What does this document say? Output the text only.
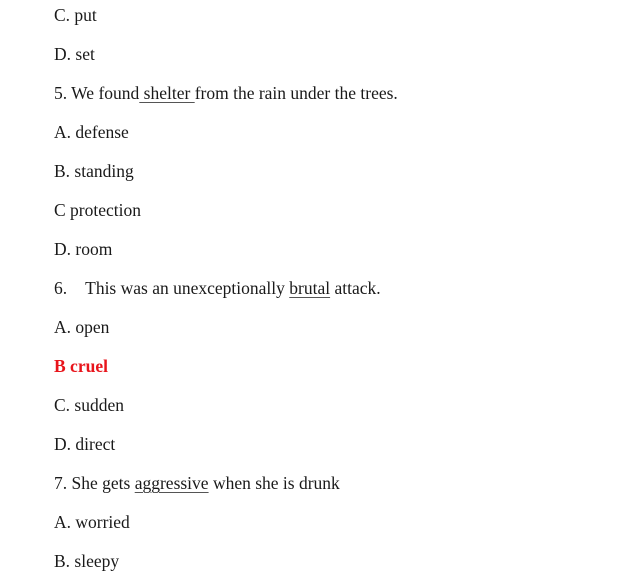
C. put
D. set
5. We found shelter from the rain under the trees.
A. defense
B. standing
C protection
D. room
6. This was an unexceptionally brutal attack.
A. open
B cruel
C. sudden
D. direct
7. She gets aggressive when she is drunk
A. worried
B. sleepy
